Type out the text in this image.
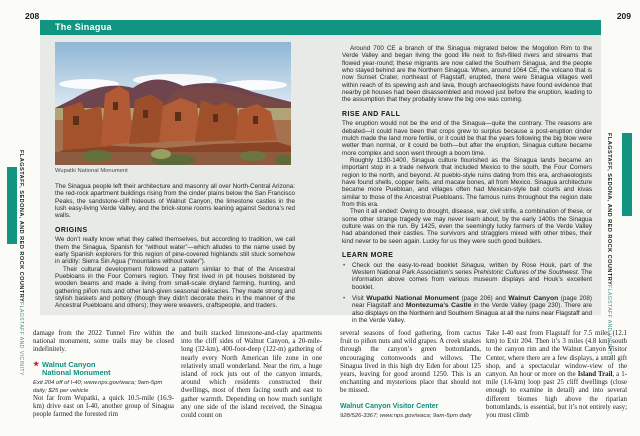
208	209
FLAGSTAFF, SEDONA, AND RED ROCK COUNTRY
FLAGSTAFF AND VICINITY
FLAGSTAFF, SEDONA, AND RED ROCK COUNTRY
FLAGSTAFF AND VICINITY
The Sinagua
Wupatki National Monument

The Sinagua people left their architecture and masonry all over North-Central Arizona: the red-rock apartment buildings rising from the cinder plains below the San Francisco Peaks, the sandstone-cliff hideouts of Walnut Canyon, the limestone castles in the lush easy-living Verde Valley, and the brick-stone rooms leaning against Sedona’s red walls.

ORIGINS

We don’t really know what they called themselves, but according to tradition, we call them the Sinagua, Spanish for “without water”—which alludes to the name used by early Spanish explorers for this region of pine-covered highlands still stuck somehow in aridity: Sierra Sin Agua (“mountains without water”).

Their cultural development followed a pattern similar to that of the Ancestral Puebloans in the Four Corners region. They first lived in pit houses bolstered by wooden beams and made a living from small-scale dryland farming, hunting, and gathering piñon nuts and other land-given seasonal delicacies. They made strong and stylish baskets and pottery (though they didn’t decorate theirs in the manner of the Ancestral Puebloans and others); they were weavers, craftspeople, and traders.

Around 700 CE a branch of the Sinagua migrated below the Mogollon Rim to the Verde Valley and began living the good life next to fish-filled rivers and streams that flowed year-round; these migrants are now called the Southern Sinagua, and the people who stayed behind are the Northern Sinagua. When, around 1064 CE, the volcano that is now Sunset Crater, northeast of Flagstaff, erupted, there were Sinagua villages well within reach of its spewing ash and lava, though archaeologists have found evidence that nearby pit houses had been disassembled and moved just before the eruption, leading to the assumption that they probably knew the big one was coming.

RISE AND FALL

The eruption would not be the end of the Sinagua—quite the contrary. The reasons are debated—it could have been that crops grew to surplus because a post-eruption cinder mulch made the land more fertile, or it could be that the years following the big blow were wetter than normal, or it could be both—but after the eruption, Sinagua culture became more complex and soon went through a boom time.

Roughly 1130-1400, Sinagua culture flourished as the Sinagua lands became an important stop in a trade network that included Mexico to the south, the Four Corners region to the north, and beyond. At pueblo-style ruins dating from this era, archaeologists have found shells, copper bells, and macaw bones, all from Mexico. Sinagua architecture became more Puebloan, and villages often had Mexican-style ball courts and kivas similar to those of the Ancestral Puebloans. The famous ruins throughout the region date from this era.

Then it all ended: Owing to drought, disease, war, civil strife, a combination of these, or some other strange tragedy we may never learn about, by the early 1400s the Sinagua culture was on the run. By 1425, even the seemingly lucky farmers of the Verde Valley had abandoned their castles. The survivors and stragglers mixed with other tribes, their kind never to be seen again. Lucky for us they were such good builders.

LEARN MORE
•	Check out the easy-to-read booklet Sinagua, written by Rose Houk, part of the Western National Park Association’s series Prehistoric Cultures of the Southwest. The information above comes from various museum displays and Houk’s excellent booklet.
•	Visit Wupatki National Monument (page 206) and Walnut Canyon (page 208) near Flagstaff and Montezuma’s Castle in the Verde Valley (page 230). There are also displays on the Northern and Southern Sinagua at all the ruins near Flagstaff and in the Verde Valley.

damage from the 2022 Tunnel Fire within the national monument, some trails may be closed indefinitely.

★ Walnut Canyon
National Monument

Exit 204 off of I-40; www.nps.gov/waca; 9am-5pm daily; $25 per vehicle

Not far from Wupatki, a quick 10.5-mile (16.9-km) drive east on I-40, another group of Sinagua people farmed the forested rim

and built stacked limestone-and-clay apartments into the cliff sides of Walnut Canyon, a 20-mile-long (32-km), 400-foot-deep (122-m) gathering of nearly every North American life zone in one relatively small wonderland. Near the rim, a huge island of rock juts out of the canyon innards, around which residents constructed their dwellings, most of them facing south and east to gather warmth. Depending on how much sunlight any one side of the island received, the Sinagua could count on

several seasons of food gathering, from cactus fruit to piñon nuts and wild grapes. A creek snakes through the canyon’s green bottomlands, encouraging cottonwoods and willows. The Sinagua lived in this high dry Eden for about 125 years, leaving for good around 1250. This is an enchanting and mysterious place that should not be missed.

Walnut Canyon Visitor Center

928/526-3367; www.nps.gov/waca; 9am-5pm daily

Take I-40 east from Flagstaff for 7.5 miles (12.1 km) to Exit 204. Then it’s 3 miles (4.8 km) south to the canyon rim and the Walnut Canyon Visitor Center, where there are a few displays, a small gift shop, and a spectacular window-view of the canyon. An hour or more on the Island Trail, a 1-mile (1.6-km) loop past 25 cliff dwellings (close enough to examine in detail) and into several different biomes high above the riparian bottomlands, is essential, but it’s not entirely easy; you must climb
